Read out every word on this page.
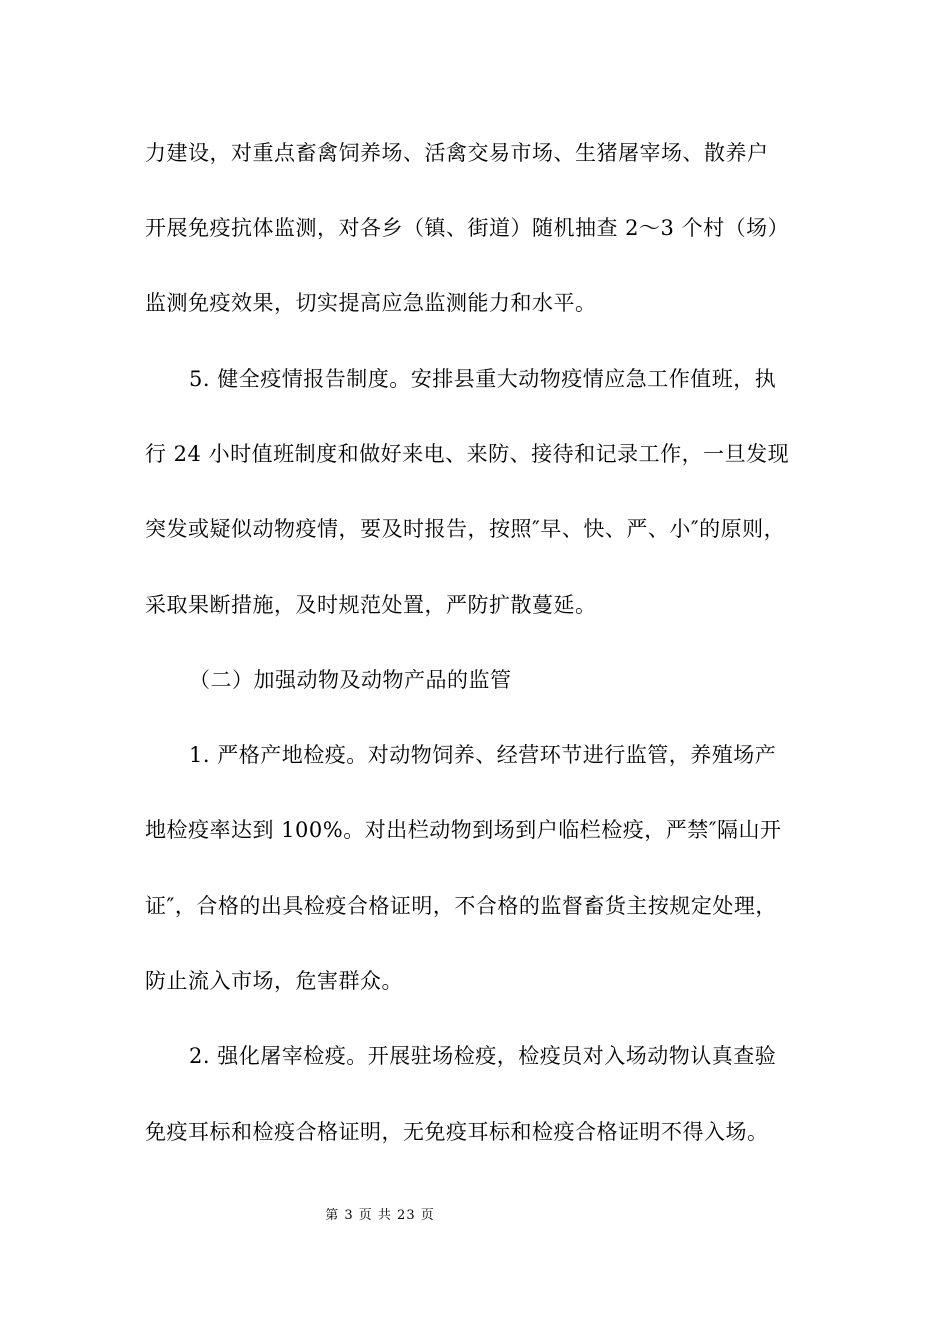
力建设，对重点畜禽饲养场、活禽交易市场、生猪屠宰场、散养户
开展免疫抗体监测，对各乡（镇、街道）随机抽查 2～3 个村（场）
监测免疫效果，切实提高应急监测能力和水平。
5. 健全疫情报告制度。安排县重大动物疫情应急工作值班，执
行 24 小时值班制度和做好来电、来防、接待和记录工作，一旦发现
突发或疑似动物疫情，要及时报告，按照″早、快、严、小″的原则，
采取果断措施，及时规范处置，严防扩散蔓延。
（二）加强动物及动物产品的监管
1. 严格产地检疫。对动物饲养、经营环节进行监管，养殖场产
地检疫率达到 100%。对出栏动物到场到户临栏检疫，严禁″隔山开
证″，合格的出具检疫合格证明，不合格的监督畜货主按规定处理，
防止流入市场，危害群众。
2. 强化屠宰检疫。开展驻场检疫，检疫员对入场动物认真查验
免疫耳标和检疫合格证明，无免疫耳标和检疫合格证明不得入场。
第 3 页 共 23 页
